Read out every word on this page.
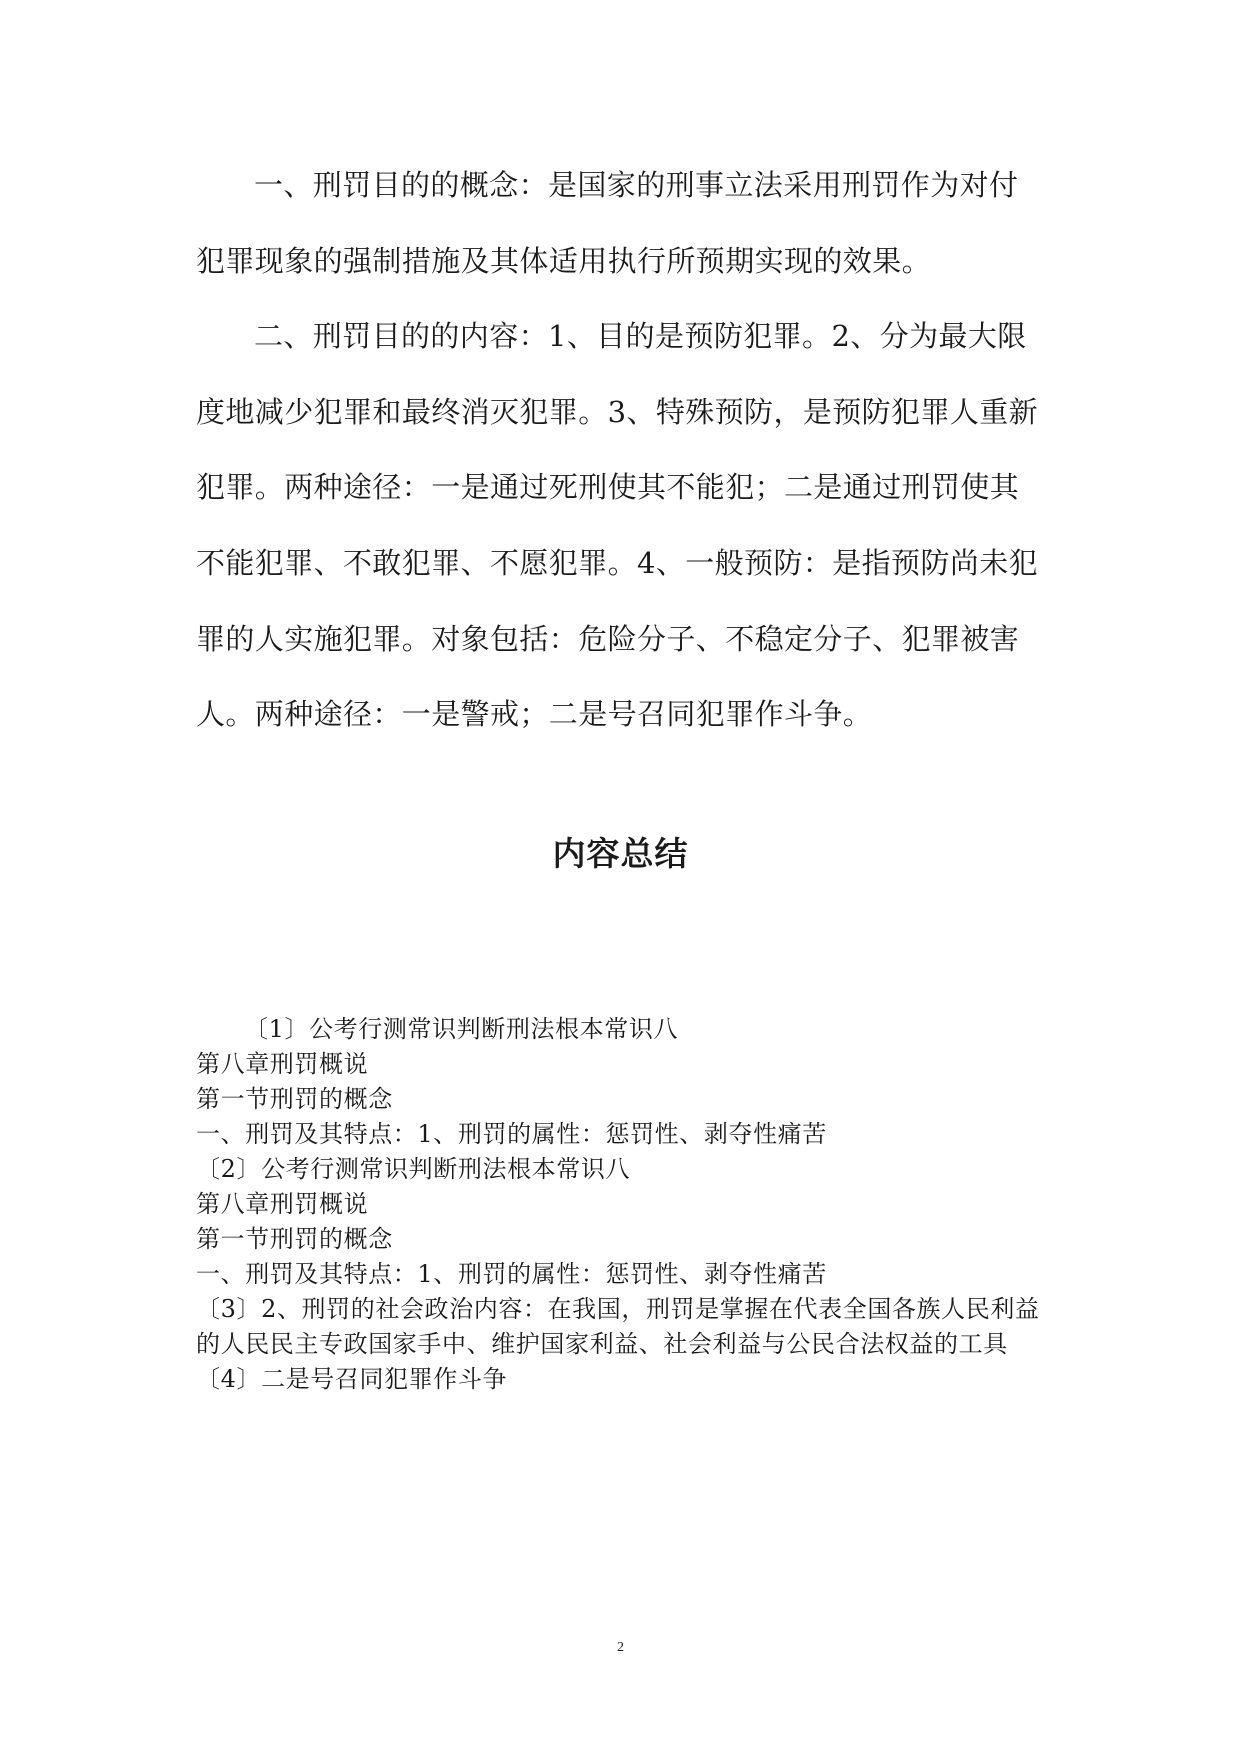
一、刑罚目的的概念：是国家的刑事立法采用刑罚作为对付犯罪现象的强制措施及其体适用执行所预期实现的效果。

二、刑罚目的的内容：1、目的是预防犯罪。2、分为最大限度地减少犯罪和最终消灭犯罪。3、特殊预防，是预防犯罪人重新犯罪。两种途径：一是通过死刑使其不能犯；二是通过刑罚使其不能犯罪、不敢犯罪、不愿犯罪。4、一般预防：是指预防尚未犯罪的人实施犯罪。对象包括：危险分子、不稳定分子、犯罪被害人。两种途径：一是警戒；二是号召同犯罪作斗争。

内容总结
〔1〕公考行测常识判断刑法根本常识八
第八章刑罚概说
第一节刑罚的概念
一、刑罚及其特点：1、刑罚的属性：惩罚性、剥夺性痛苦
〔2〕公考行测常识判断刑法根本常识八
第八章刑罚概说
第一节刑罚的概念
一、刑罚及其特点：1、刑罚的属性：惩罚性、剥夺性痛苦
〔3〕2、刑罚的社会政治内容：在我国，刑罚是掌握在代表全国各族人民利益的人民民主专政国家手中、维护国家利益、社会利益与公民合法权益的工具
〔4〕二是号召同犯罪作斗争
2
